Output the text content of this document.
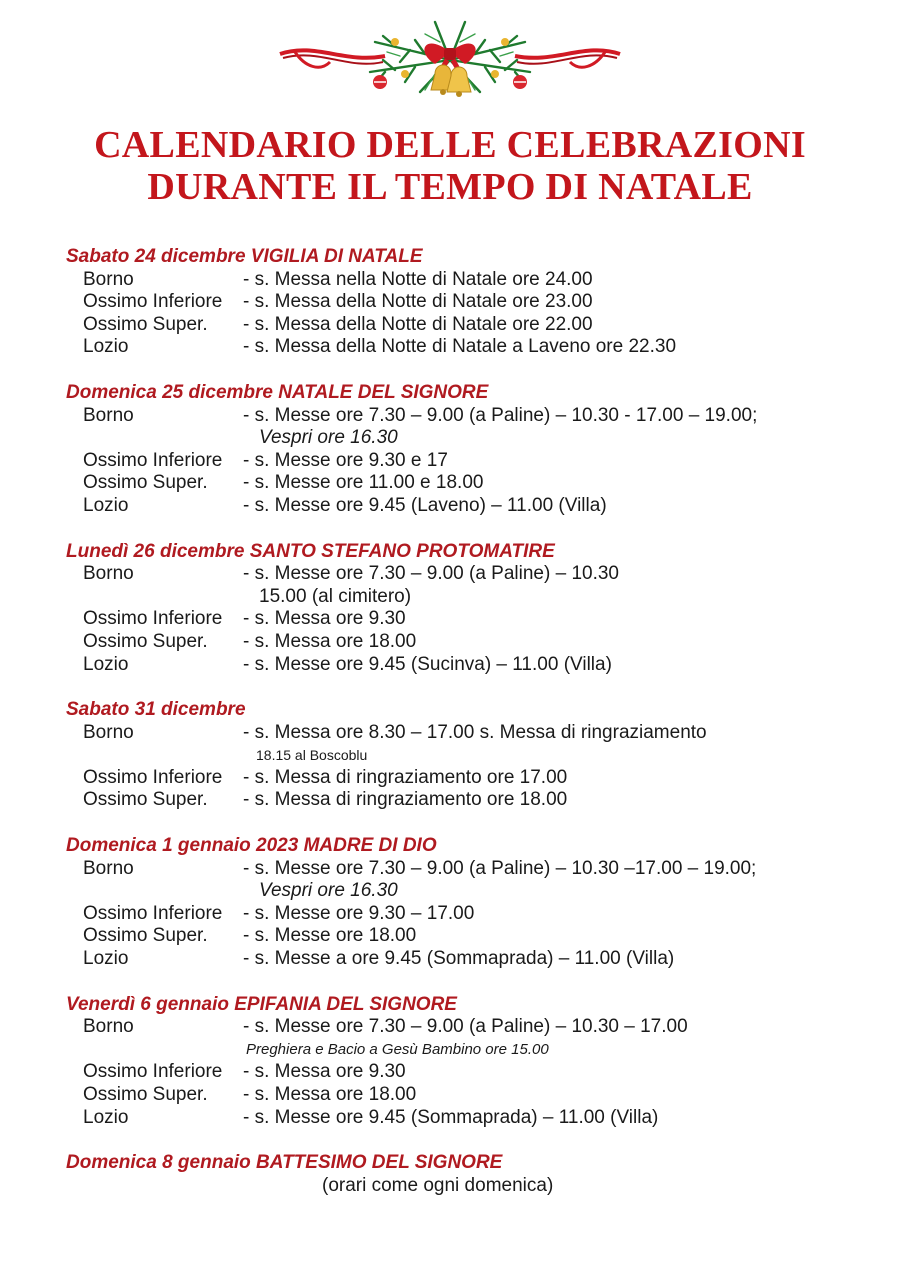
CALENDARIO DELLE CELEBRAZIONI
DURANTE IL TEMPO DI NATALE
Sabato 24 dicembre VIGILIA DI NATALE
Borno	- s. Messa nella Notte di Natale ore 24.00
Ossimo Inferiore - s. Messa della Notte di Natale ore 23.00
Ossimo Super. - s. Messa della Notte di Natale ore 22.00
Lozio	- s. Messa della Notte di Natale a Laveno ore 22.30
Domenica 25 dicembre NATALE DEL SIGNORE
Borno	- s. Messe ore 7.30 – 9.00 (a Paline) – 10.30 - 17.00 – 19.00;
Vespri ore 16.30
Ossimo Inferiore - s. Messe ore 9.30 e 17
Ossimo Super. - s. Messe ore 11.00 e 18.00
Lozio	- s. Messe ore 9.45 (Laveno) – 11.00 (Villa)
Lunedì 26 dicembre SANTO STEFANO PROTOMATIRE
Borno	- s. Messe ore 7.30 – 9.00 (a Paline) – 10.30
15.00 (al cimitero)
Ossimo Inferiore - s. Messa ore 9.30
Ossimo Super. - s. Messa ore 18.00
Lozio	- s. Messe ore 9.45 (Sucinva) – 11.00 (Villa)
Sabato 31 dicembre
Borno	- s. Messa ore 8.30 – 17.00 s. Messa di ringraziamento
18.15 al Boscoblu
Ossimo Inferiore - s. Messa di ringraziamento ore 17.00
Ossimo Super. - s. Messa di ringraziamento ore 18.00
Domenica 1 gennaio 2023 MADRE DI DIO
Borno	- s. Messe ore 7.30 – 9.00 (a Paline) – 10.30 –17.00 – 19.00;
Vespri ore 16.30
Ossimo Inferiore - s. Messe ore 9.30 – 17.00
Ossimo Super. - s. Messe ore 18.00
Lozio	- s. Messe a ore 9.45 (Sommaprada) – 11.00 (Villa)
Venerdì 6 gennaio EPIFANIA DEL SIGNORE
Borno	- s. Messe ore 7.30 – 9.00 (a Paline) – 10.30 – 17.00
Preghiera e Bacio a Gesù Bambino ore 15.00
Ossimo Inferiore - s. Messa ore 9.30
Ossimo Super. - s. Messa ore 18.00
Lozio	- s. Messe ore 9.45 (Sommaprada) – 11.00 (Villa)
Domenica 8 gennaio BATTESIMO DEL SIGNORE
(orari come ogni domenica)
